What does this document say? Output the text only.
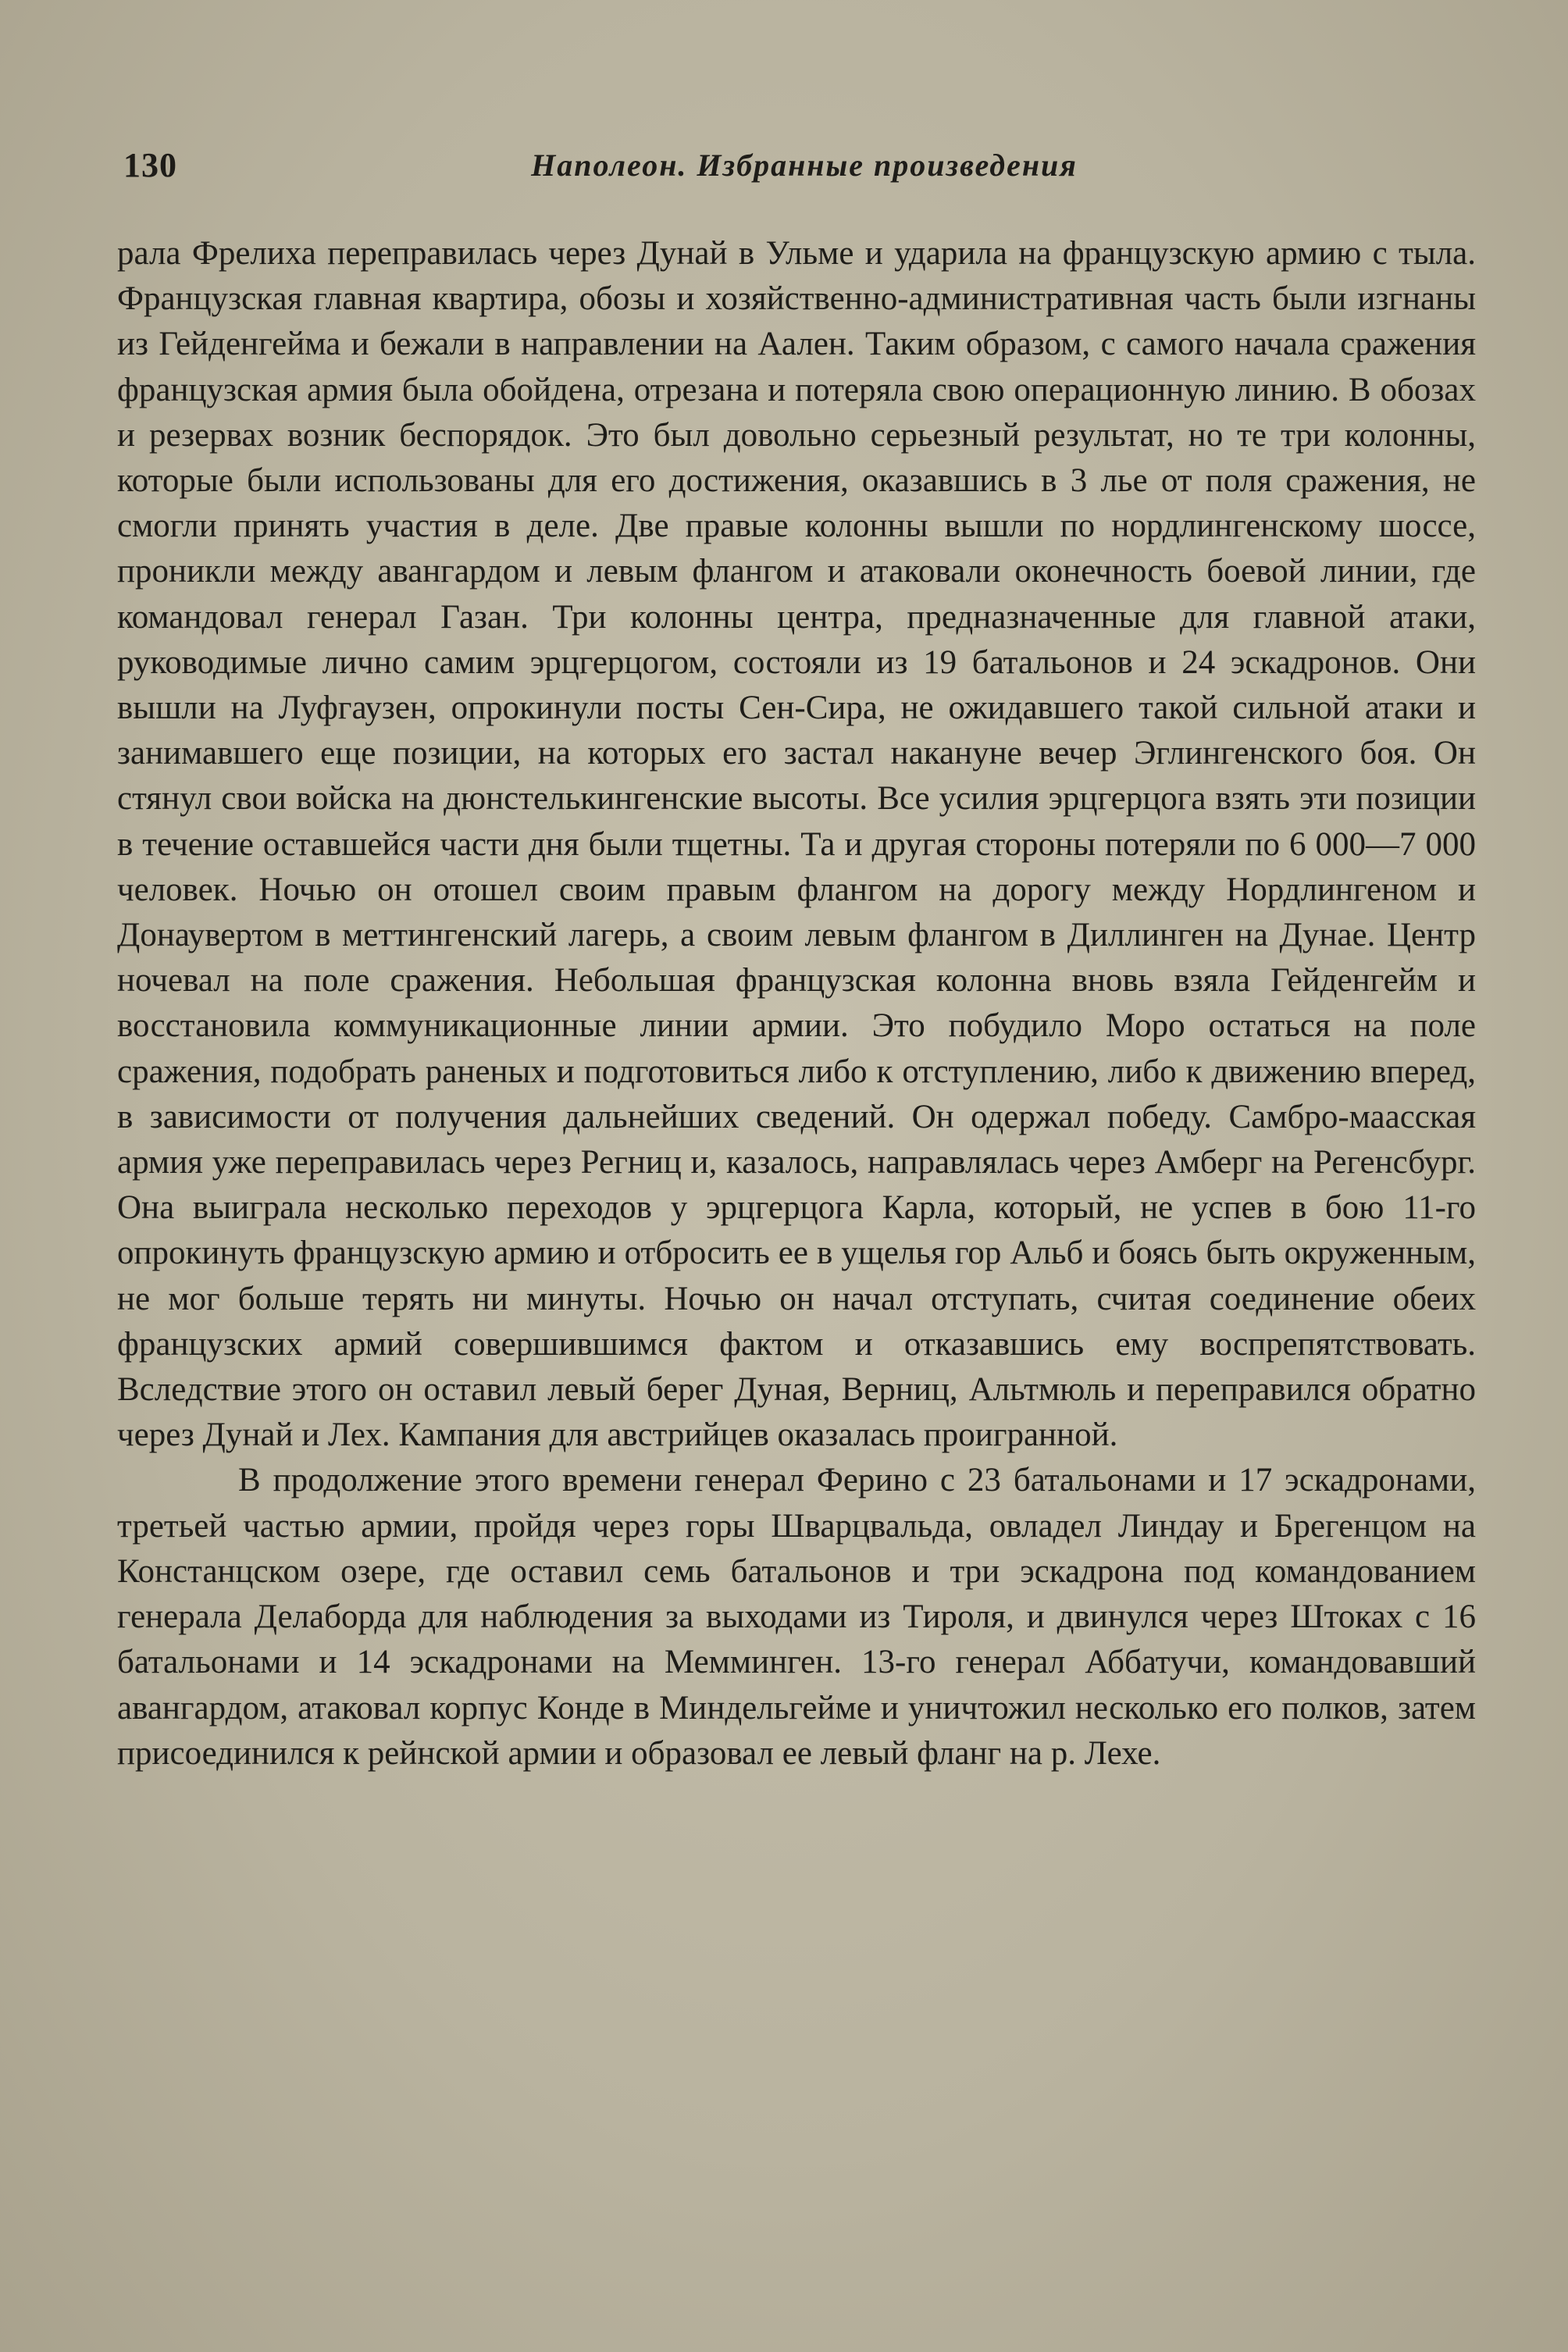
130	Наполеон. Избранные произведения

рала Фрелиха переправилась через Дунай в Ульме и ударила на французскую армию с тыла. Французская главная квартира, обозы и хозяйственно-административная часть были изгнаны из Гейденгейма и бежали в направлении на Аален. Таким образом, с самого начала сражения французская армия была обойдена, отрезана и потеряла свою операционную линию. В обозах и резервах возник беспорядок. Это был довольно серьезный результат, но те три колонны, которые были использованы для его достижения, оказавшись в 3 лье от поля сражения, не смогли принять участия в деле. Две правые колонны вышли по нордлингенскому шоссе, проникли между авангардом и левым флангом и атаковали оконечность боевой линии, где командовал генерал Газан. Три колонны центра, предназначенные для главной атаки, руководимые лично самим эрцгерцогом, состояли из 19 батальонов и 24 эскадронов. Они вышли на Луфгаузен, опрокинули посты Сен-Сира, не ожидавшего такой сильной атаки и занимавшего еще позиции, на которых его застал накануне вечер Эглингенского боя. Он стянул свои войска на дюнстелькингенские высоты. Все усилия эрцгерцога взять эти позиции в течение оставшейся части дня были тщетны. Та и другая стороны потеряли по 6 000—7 000 человек. Ночью он отошел своим правым флангом на дорогу между Нордлингеном и Донаувертом в меттингенский лагерь, а своим левым флангом в Диллинген на Дунае. Центр ночевал на поле сражения. Небольшая французская колонна вновь взяла Гейденгейм и восстановила коммуникационные линии армии. Это побудило Моро остаться на поле сражения, подобрать раненых и подготовиться либо к отступлению, либо к движению вперед, в зависимости от получения дальнейших сведений. Он одержал победу. Самбро-маасская армия уже переправилась через Регниц и, казалось, направлялась через Амберг на Регенсбург. Она выиграла несколько переходов у эрцгерцога Карла, который, не успев в бою 11-го опрокинуть французскую армию и отбросить ее в ущелья гор Альб и боясь быть окруженным, не мог больше терять ни минуты. Ночью он начал отступать, считая соединение обеих французских армий совершившимся фактом и отказавшись ему воспрепятствовать. Вследствие этого он оставил левый берег Дуная, Верниц, Альтмюль и переправился обратно через Дунай и Лех. Кампания для австрийцев оказалась проигранной.

В продолжение этого времени генерал Ферино с 23 батальонами и 17 эскадронами, третьей частью армии, пройдя через горы Шварцвальда, овладел Линдау и Брегенцом на Констанцском озере, где оставил семь батальонов и три эскадрона под командованием генерала Делаборда для наблюдения за выходами из Тироля, и двинулся через Штоках с 16 батальонами и 14 эскадронами на Мемминген. 13-го генерал Аббатучи, командовавший авангардом, атаковал корпус Конде в Миндельгейме и уничтожил несколько его полков, затем присоединился к рейнской армии и образовал ее левый фланг на р. Лехе.
